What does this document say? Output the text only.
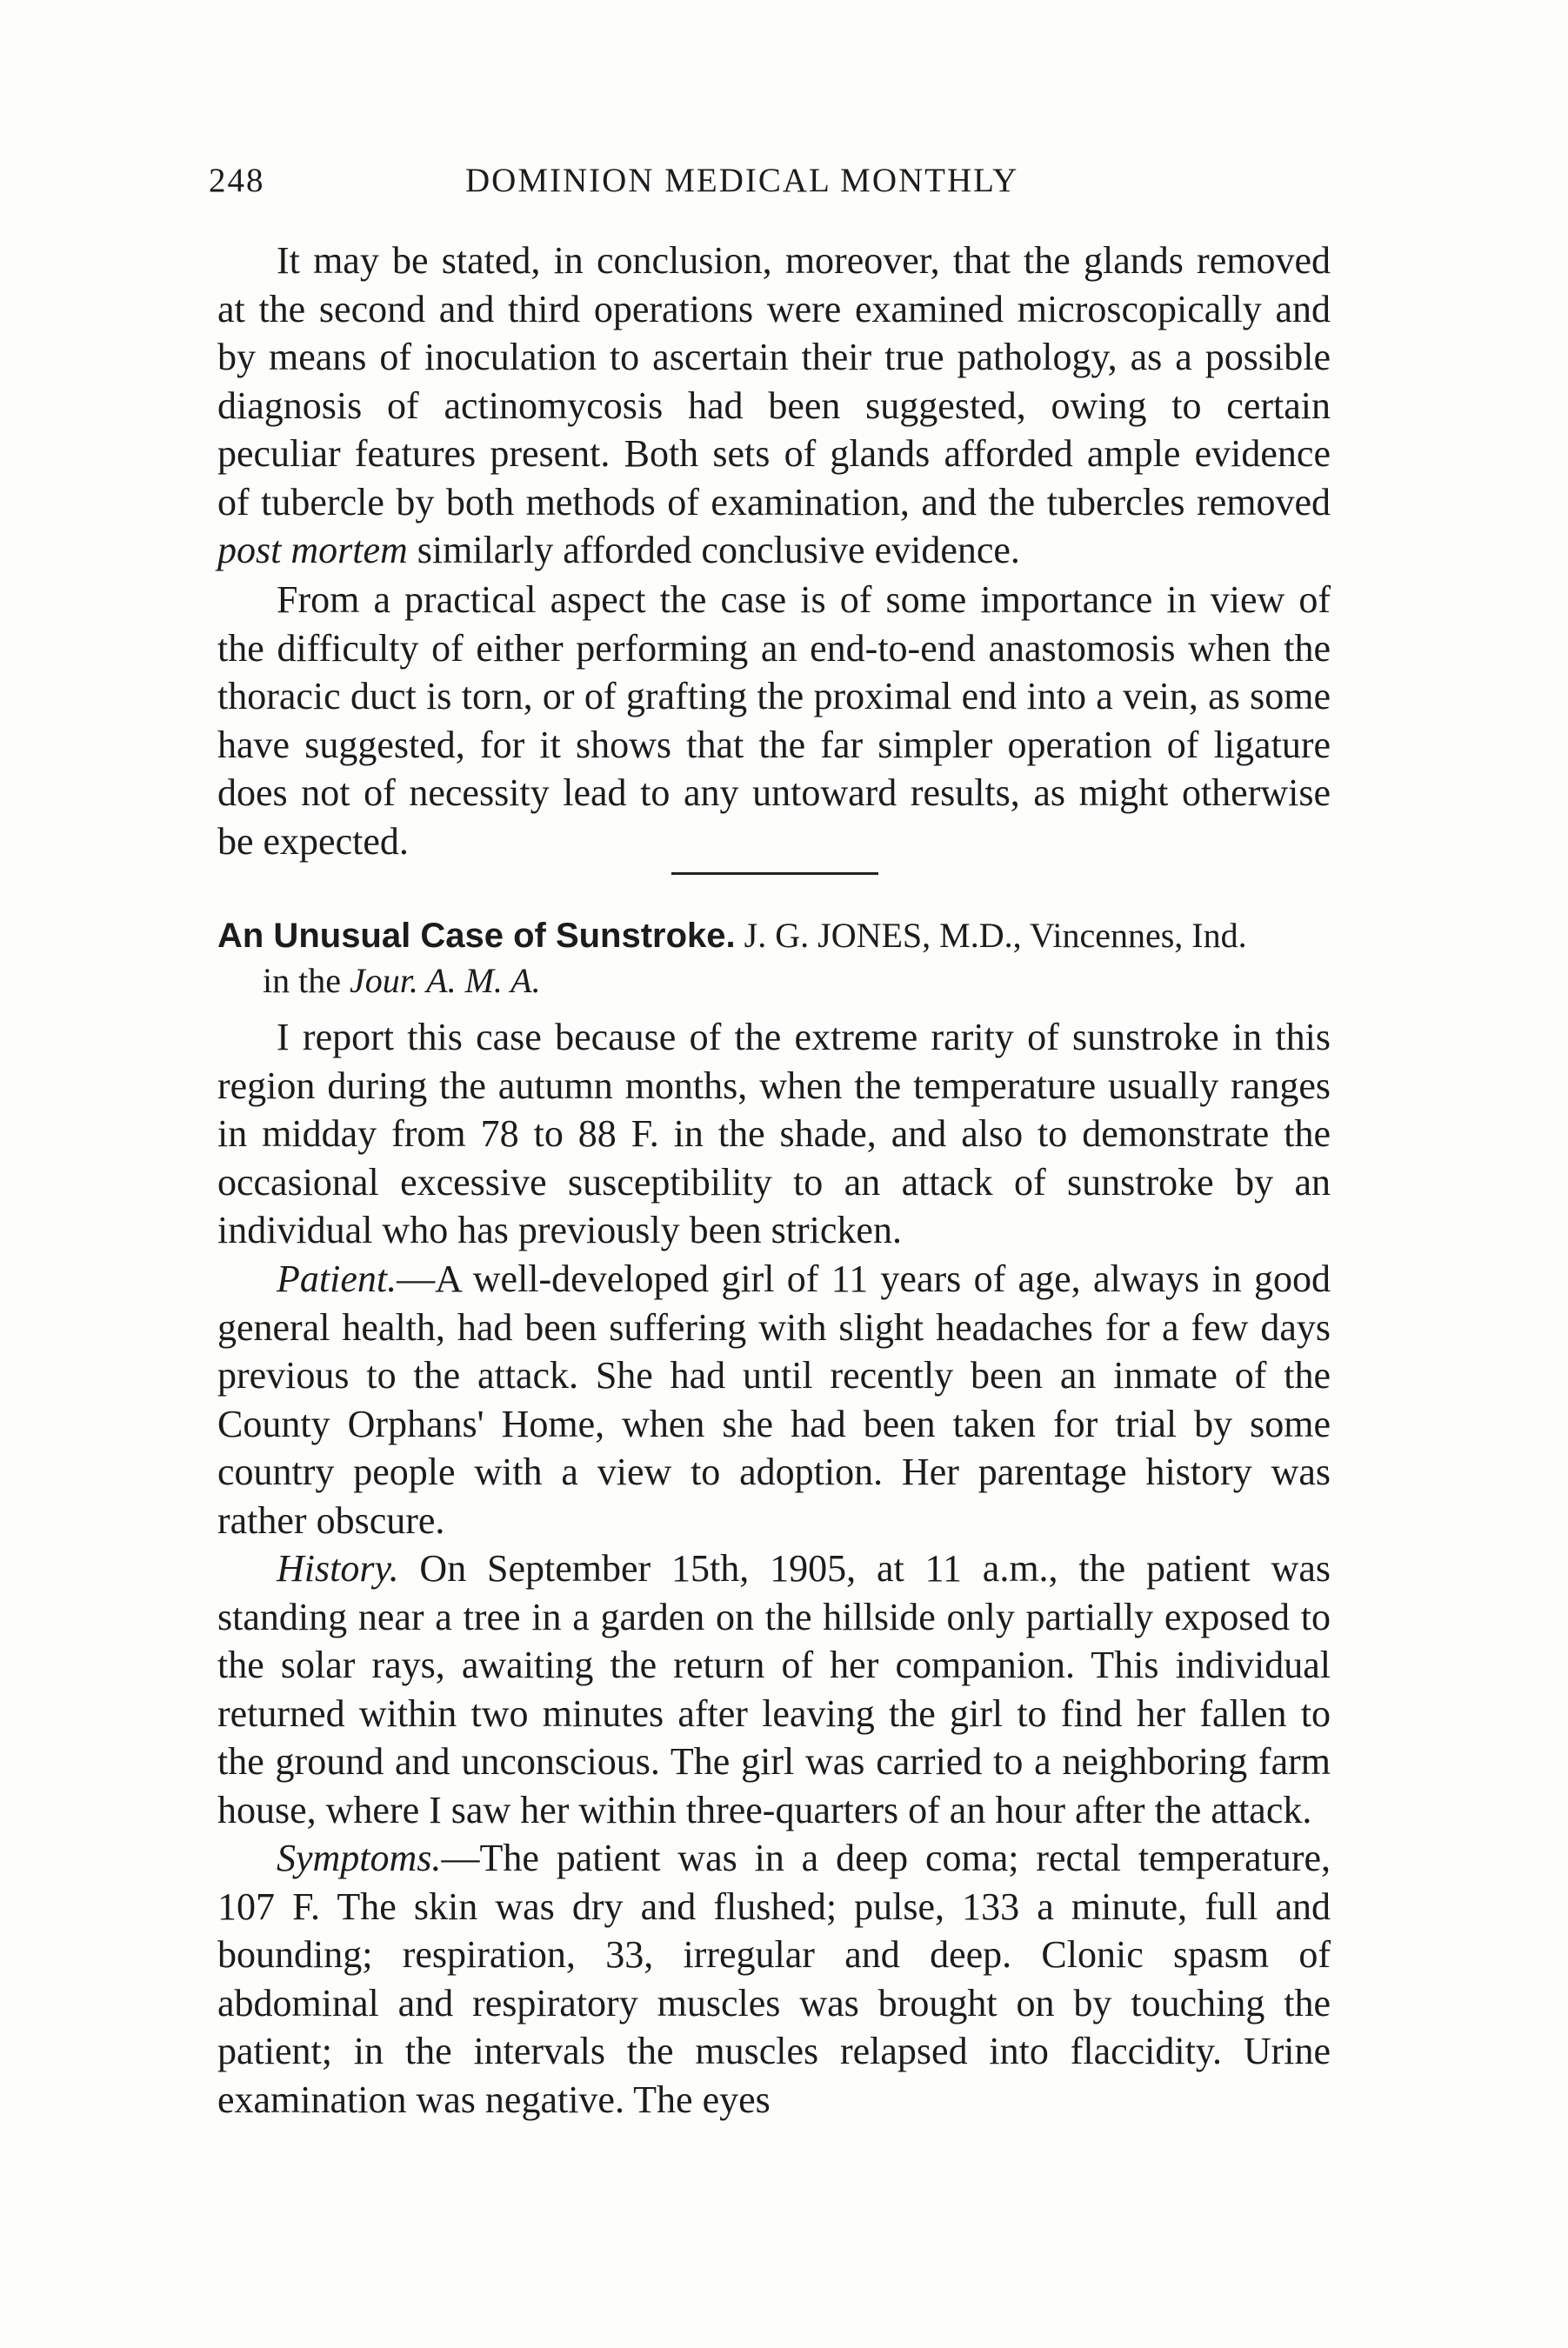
248	DOMINION MEDICAL MONTHLY

It may be stated, in conclusion, moreover, that the glands removed at the second and third operations were examined microscopically and by means of inoculation to ascertain their true pathology, as a possible diagnosis of actinomycosis had been suggested, owing to certain peculiar features present. Both sets of glands afforded ample evidence of tubercle by both methods of examination, and the tubercles removed post mortem similarly afforded conclusive evidence.

From a practical aspect the case is of some importance in view of the difficulty of either performing an end-to-end anastomosis when the thoracic duct is torn, or of grafting the proximal end into a vein, as some have suggested, for it shows that the far simpler operation of ligature does not of necessity lead to any untoward results, as might otherwise be expected.

An Unusual Case of Sunstroke. J. G. JONES, M.D., Vincennes, Ind.
in the Jour. A. M. A.

I report this case because of the extreme rarity of sunstroke in this region during the autumn months, when the temperature usually ranges in midday from 78 to 88 F. in the shade, and also to demonstrate the occasional excessive susceptibility to an attack of sunstroke by an individual who has previously been stricken.

Patient.—A well-developed girl of 11 years of age, always in good general health, had been suffering with slight headaches for a few days previous to the attack. She had until recently been an inmate of the County Orphans' Home, when she had been taken for trial by some country people with a view to adoption. Her parentage history was rather obscure.

History. On September 15th, 1905, at 11 a.m., the patient was standing near a tree in a garden on the hillside only partially exposed to the solar rays, awaiting the return of her companion. This individual returned within two minutes after leaving the girl to find her fallen to the ground and unconscious. The girl was carried to a neighboring farm house, where I saw her within three-quarters of an hour after the attack.

Symptoms.—The patient was in a deep coma; rectal temperature, 107 F. The skin was dry and flushed; pulse, 133 a minute, full and bounding; respiration, 33, irregular and deep. Clonic spasm of abdominal and respiratory muscles was brought on by touching the patient; in the intervals the muscles relapsed into flaccidity. Urine examination was negative. The eyes
